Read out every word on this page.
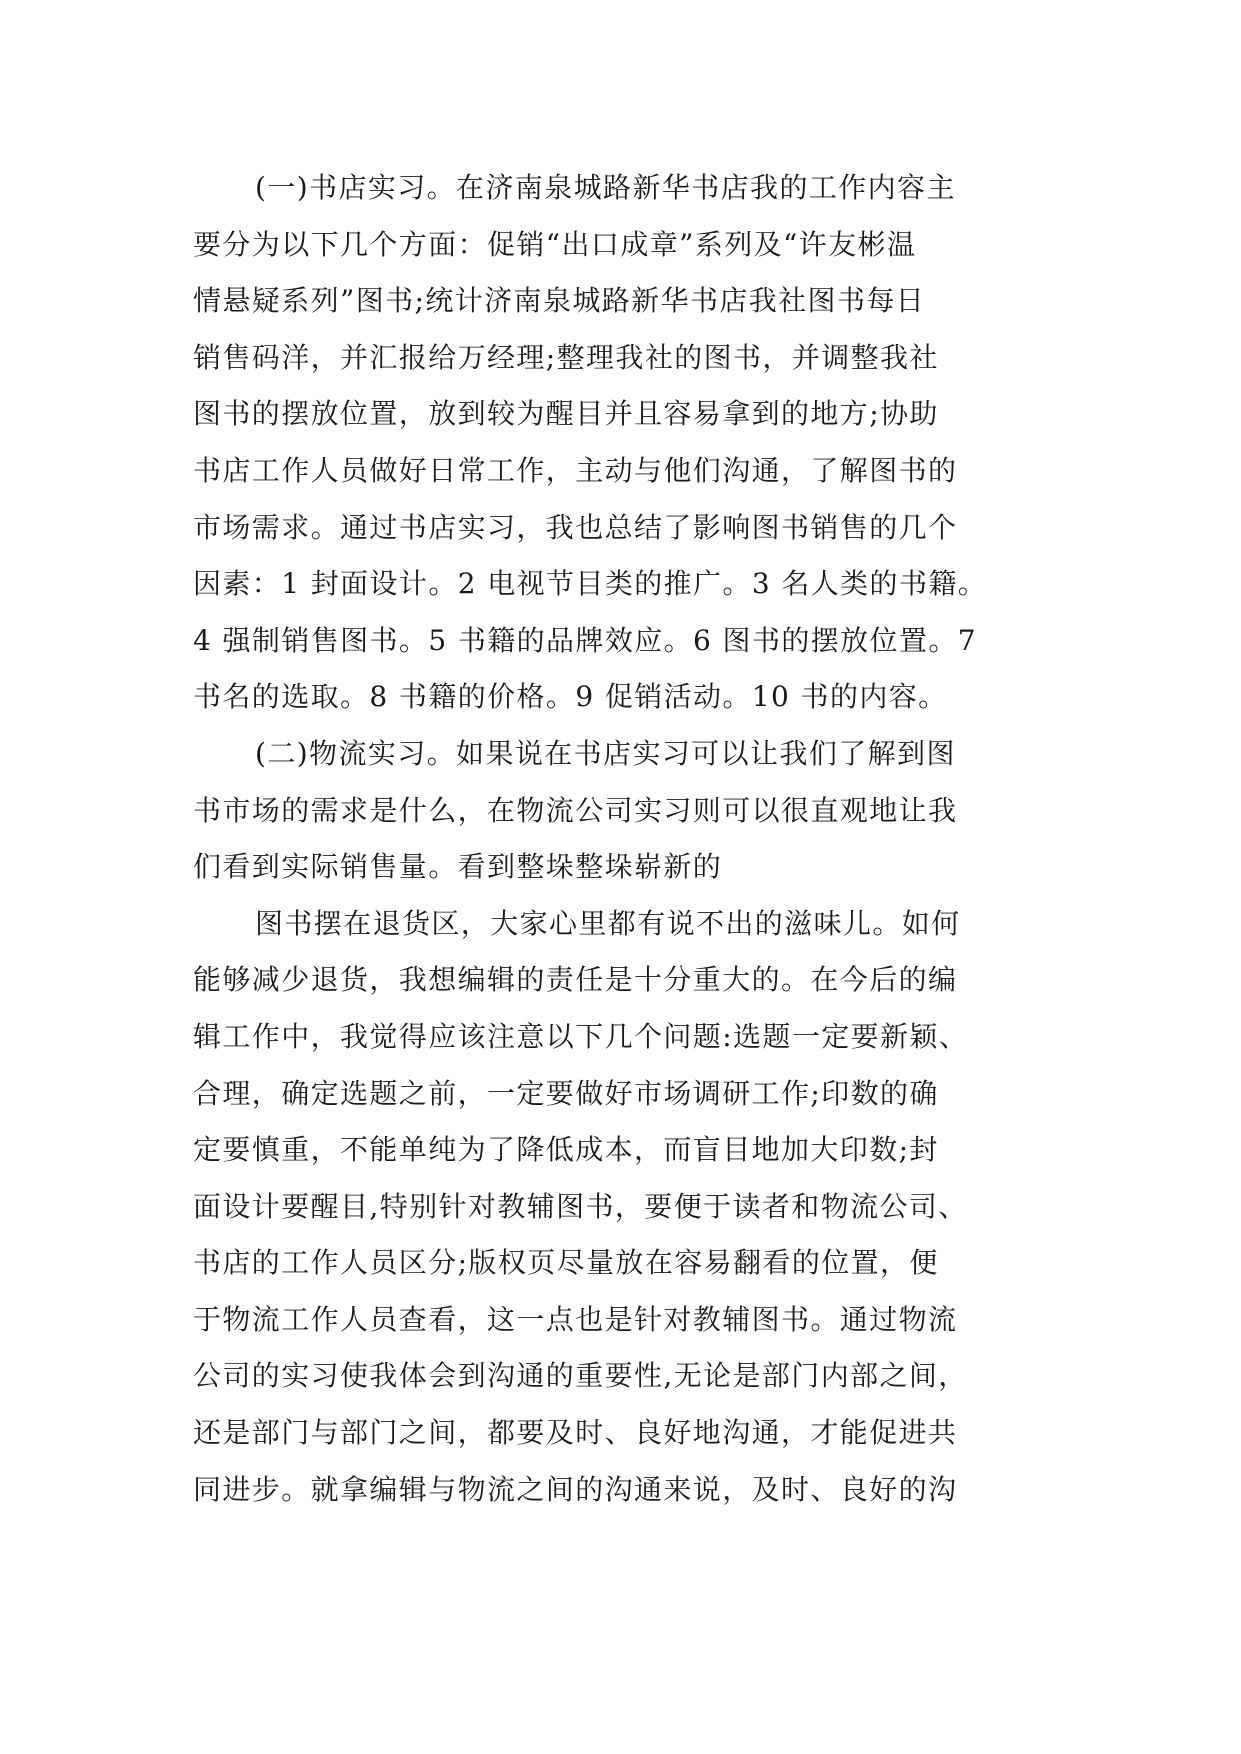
(一)书店实习。在济南泉城路新华书店我的工作内容主
要分为以下几个方面：促销“出口成章”系列及“许友彬温
情悬疑系列”图书;统计济南泉城路新华书店我社图书每日
销售码洋，并汇报给万经理;整理我社的图书，并调整我社
图书的摆放位置，放到较为醒目并且容易拿到的地方;协助
书店工作人员做好日常工作，主动与他们沟通，了解图书的
市场需求。通过书店实习，我也总结了影响图书销售的几个
因素：1 封面设计。2 电视节目类的推广。3 名人类的书籍。
4 强制销售图书。5 书籍的品牌效应。6 图书的摆放位置。7
书名的选取。8 书籍的价格。9 促销活动。10 书的内容。
(二)物流实习。如果说在书店实习可以让我们了解到图
书市场的需求是什么，在物流公司实习则可以很直观地让我
们看到实际销售量。看到整垛整垛崭新的
图书摆在退货区，大家心里都有说不出的滋味儿。如何
能够减少退货，我想编辑的责任是十分重大的。在今后的编
辑工作中，我觉得应该注意以下几个问题:选题一定要新颖、
合理，确定选题之前，一定要做好市场调研工作;印数的确
定要慎重，不能单纯为了降低成本，而盲目地加大印数;封
面设计要醒目,特别针对教辅图书，要便于读者和物流公司、
书店的工作人员区分;版权页尽量放在容易翻看的位置，便
于物流工作人员查看，这一点也是针对教辅图书。通过物流
公司的实习使我体会到沟通的重要性,无论是部门内部之间，
还是部门与部门之间，都要及时、良好地沟通，才能促进共
同进步。就拿编辑与物流之间的沟通来说，及时、良好的沟
